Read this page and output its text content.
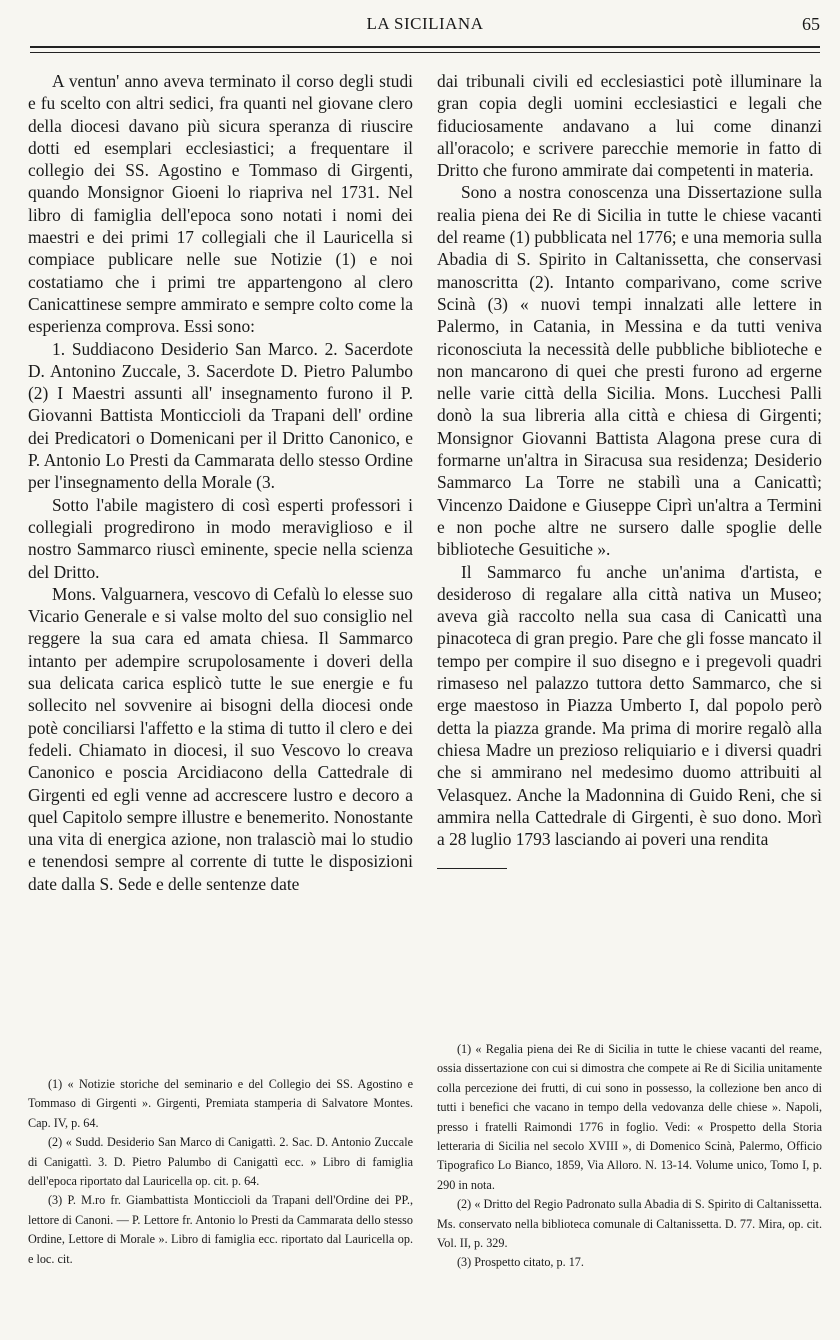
LA SICILIANA	65

A ventun' anno aveva terminato il corso degli studi e fu scelto con altri sedici, fra quanti nel giovane clero della diocesi davano più sicura speranza di riuscire dotti ed esemplari ecclesiastici; a frequentare il collegio dei SS. Agostino e Tommaso di Girgenti, quando Monsignor Gioeni lo riapriva nel 1731. Nel libro di famiglia dell'epoca sono notati i nomi dei maestri e dei primi 17 collegiali che il Lauricella si compiace publicare nelle sue Notizie (1) e noi costatiamo che i primi tre appartengono al clero Canicattinese sempre ammirato e sempre colto come la esperienza comprova. Essi sono:

1. Suddiacono Desiderio San Marco. 2. Sacerdote D. Antonino Zuccale, 3. Sacerdote D. Pietro Palumbo (2) I Maestri assunti all' insegnamento furono il P. Giovanni Battista Monticcioli da Trapani dell' ordine dei Predicatori o Domenicani per il Dritto Canonico, e P. Antonio Lo Presti da Cammarata dello stesso Ordine per l'insegnamento della Morale (3.

Sotto l'abile magistero di così esperti professori i collegiali progredirono in modo meraviglioso e il nostro Sammarco riuscì eminente, specie nella scienza del Dritto.

Mons. Valguarnera, vescovo di Cefalù lo elesse suo Vicario Generale e si valse molto del suo consiglio nel reggere la sua cara ed amata chiesa. Il Sammarco intanto per adempire scrupolosamente i doveri della sua delicata carica esplicò tutte le sue energie e fu sollecito nel sovvenire ai bisogni della diocesi onde potè conciliarsi l'affetto e la stima di tutto il clero e dei fedeli. Chiamato in diocesi, il suo Vescovo lo creava Canonico e poscia Arcidiacono della Cattedrale di Girgenti ed egli venne ad accrescere lustro e decoro a quel Capitolo sempre illustre e benemerito. Nonostante una vita di energica azione, non tralasciò mai lo studio e tenendosi sempre al corrente di tutte le disposizioni date dalla S. Sede e delle sentenze date

dai tribunali civili ed ecclesiastici potè illuminare la gran copia degli uomini ecclesiastici e legali che fiduciosamente andavano a lui come dinanzi all'oracolo; e scrivere parecchie memorie in fatto di Dritto che furono ammirate dai competenti in materia.

Sono a nostra conoscenza una Dissertazione sulla realia piena dei Re di Sicilia in tutte le chiese vacanti del reame (1) pubblicata nel 1776; e una memoria sulla Abadia di S. Spirito in Caltanissetta, che conservasi manoscritta (2). Intanto comparivano, come scrive Scinà (3) « nuovi tempi innalzati alle lettere in Palermo, in Catania, in Messina e da tutti veniva riconosciuta la necessità delle pubbliche biblioteche e non mancarono di quei che presti furono ad ergerne nelle varie città della Sicilia. Mons. Lucchesi Palli donò la sua libreria alla città e chiesa di Girgenti; Monsignor Giovanni Battista Alagona prese cura di formarne un'altra in Siracusa sua residenza; Desiderio Sammarco La Torre ne stabilì una a Canicattì; Vincenzo Daidone e Giuseppe Ciprì un'altra a Termini e non poche altre ne sursero dalle spoglie delle biblioteche Gesuitiche ».

Il Sammarco fu anche un'anima d'artista, e desideroso di regalare alla città nativa un Museo; aveva già raccolto nella sua casa di Canicattì una pinacoteca di gran pregio. Pare che gli fosse mancato il tempo per compire il suo disegno e i pregevoli quadri rimaseso nel palazzo tuttora detto Sammarco, che si erge maestoso in Piazza Umberto I, dal popolo però detta la piazza grande. Ma prima di morire regalò alla chiesa Madre un prezioso reliquiario e i diversi quadri che si ammirano nel medesimo duomo attribuiti al Velasquez. Anche la Madonnina di Guido Reni, che si ammira nella Cattedrale di Girgenti, è suo dono. Morì a 28 luglio 1793 lasciando ai poveri una rendita

(1) « Notizie storiche del seminario e del Collegio dei SS. Agostino e Tommaso di Girgenti ». Girgenti, Premiata stamperia di Salvatore Montes. Cap. IV, p. 64.

(2) « Sudd. Desiderio San Marco di Canigattì. 2. Sac. D. Antonio Zuccale di Canigattì. 3. D. Pietro Palumbo di Canigattì ecc. » Libro di famiglia dell'epoca riportato dal Lauricella op. cit. p. 64.

(3) P. M.ro fr. Giambattista Monticcioli da Trapani dell'Ordine dei PP., lettore di Canoni. — P. Lettore fr. Antonio lo Presti da Cammarata dello stesso Ordine, Lettore di Morale ». Libro di famiglia ecc. riportato dal Lauricella op. e loc. cit.

(1) « Regalia piena dei Re di Sicilia in tutte le chiese vacanti del reame, ossia dissertazione con cui si dimostra che compete ai Re di Sicilia unitamente colla percezione dei frutti, di cui sono in possesso, la collezione ben anco di tutti i benefici che vacano in tempo della vedovanza delle chiese ». Napoli, presso i fratelli Raimondi 1776 in foglio. Vedi: « Prospetto della Storia letteraria di Sicilia nel secolo XVIII », di Domenico Scinà, Palermo, Officio Tipografico Lo Bianco, 1859, Via Alloro. N. 13-14. Volume unico, Tomo I, p. 290 in nota.

(2) « Dritto del Regio Padronato sulla Abadia di S. Spirito di Caltanissetta. Ms. conservato nella biblioteca comunale di Caltanissetta. D. 77. Mira, op. cit. Vol. II, p. 329.

(3) Prospetto citato, p. 17.
